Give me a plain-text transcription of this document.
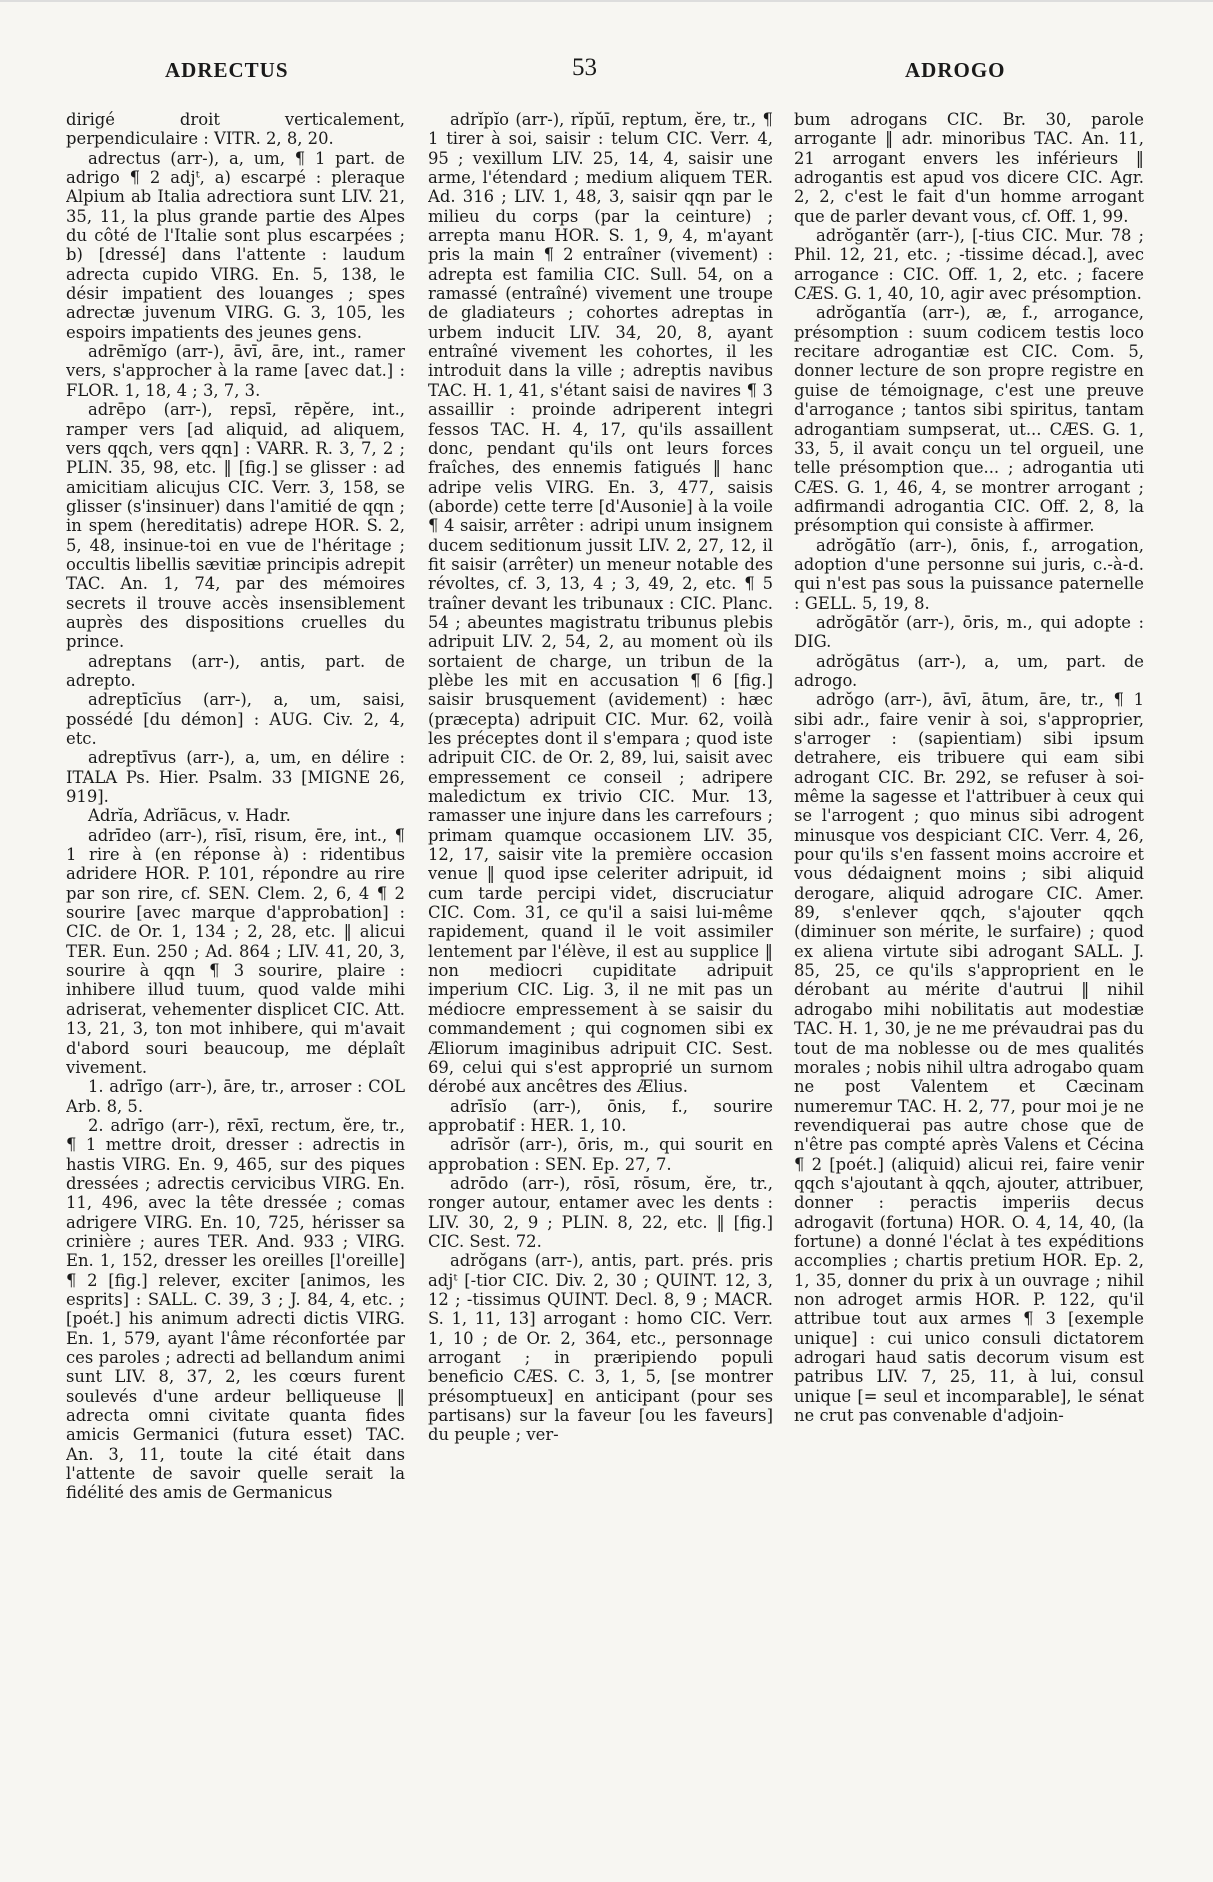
ADRECTUS	53	ADROGO

dirigé droit verticalement, perpendiculaire : VITR. 2, 8, 20.

adrectus (arr-), a, um, ¶ 1 part. de adrigo ¶ 2 adjᵗ, a) escarpé : pleraque Alpium ab Italia adrectiora sunt LIV. 21, 35, 11, la plus grande partie des Alpes du côté de l'Italie sont plus escarpées ; b) [dressé] dans l'attente : laudum adrecta cupido VIRG. En. 5, 138, le désir impatient des louanges ; spes adrectæ juvenum VIRG. G. 3, 105, les espoirs impatients des jeunes gens.

adrēmĭgo (arr-), āvī, āre, int., ramer vers, s'approcher à la rame [avec dat.] : FLOR. 1, 18, 4 ; 3, 7, 3.

adrēpo (arr-), repsī, rēpĕre, int., ramper vers [ad aliquid, ad aliquem, vers qqch, vers qqn] : VARR. R. 3, 7, 2 ; PLIN. 35, 98, etc. ‖ [fig.] se glisser : ad amicitiam alicujus CIC. Verr. 3, 158, se glisser (s'insinuer) dans l'amitié de qqn ; in spem (hereditatis) adrepe HOR. S. 2, 5, 48, insinue-toi en vue de l'héritage ; occultis libellis sævitiæ principis adrepit TAC. An. 1, 74, par des mémoires secrets il trouve accès insensiblement auprès des dispositions cruelles du prince.

adreptans (arr-), antis, part. de adrepto.

adreptīcĭus (arr-), a, um, saisi, possédé [du démon] : AUG. Civ. 2, 4, etc.

adreptīvus (arr-), a, um, en délire : ITALA Ps. Hier. Psalm. 33 [MIGNE 26, 919].

Adrĭa, Adrĭācus, v. Hadr.

adrīdeo (arr-), rīsī, risum, ēre, int., ¶ 1 rire à (en réponse à) : ridentibus adridere HOR. P. 101, répondre au rire par son rire, cf. SEN. Clem. 2, 6, 4 ¶ 2 sourire [avec marque d'approbation] : CIC. de Or. 1, 134 ; 2, 28, etc. ‖ alicui TER. Eun. 250 ; Ad. 864 ; LIV. 41, 20, 3, sourire à qqn ¶ 3 sourire, plaire : inhibere illud tuum, quod valde mihi adriserat, vehementer displicet CIC. Att. 13, 21, 3, ton mot inhibere, qui m'avait d'abord souri beaucoup, me déplaît vivement.

1. adrīgo (arr-), āre, tr., arroser : COL Arb. 8, 5.

2. adrīgo (arr-), rēxī, rectum, ĕre, tr., ¶ 1 mettre droit, dresser : adrectis in hastis VIRG. En. 9, 465, sur des piques dressées ; adrectis cervicibus VIRG. En. 11, 496, avec la tête dressée ; comas adrigere VIRG. En. 10, 725, hérisser sa crinière ; aures TER. And. 933 ; VIRG. En. 1, 152, dresser les oreilles [l'oreille] ¶ 2 [fig.] relever, exciter [animos, les esprits] : SALL. C. 39, 3 ; J. 84, 4, etc. ; [poét.] his animum adrecti dictis VIRG. En. 1, 579, ayant l'âme réconfortée par ces paroles ; adrecti ad bellandum animi sunt LIV. 8, 37, 2, les cœurs furent soulevés d'une ardeur belliqueuse ‖ adrecta omni civitate quanta fides amicis Germanici (futura esset) TAC. An. 3, 11, toute la cité était dans l'attente de savoir quelle serait la fidélité des amis de Germanicus

adrĭpĭo (arr-), rĭpŭī, reptum, ĕre, tr., ¶ 1 tirer à soi, saisir : telum CIC. Verr. 4, 95 ; vexillum LIV. 25, 14, 4, saisir une arme, l'étendard ; medium aliquem TER. Ad. 316 ; LIV. 1, 48, 3, saisir qqn par le milieu du corps (par la ceinture) ; arrepta manu HOR. S. 1, 9, 4, m'ayant pris la main ¶ 2 entraîner (vivement) : adrepta est familia CIC. Sull. 54, on a ramassé (entraîné) vivement une troupe de gladiateurs ; cohortes adreptas in urbem inducit LIV. 34, 20, 8, ayant entraîné vivement les cohortes, il les introduit dans la ville ; adreptis navibus TAC. H. 1, 41, s'étant saisi de navires ¶ 3 assaillir : proinde adriperent integri fessos TAC. H. 4, 17, qu'ils assaillent donc, pendant qu'ils ont leurs forces fraîches, des ennemis fatigués ‖ hanc adripe velis VIRG. En. 3, 477, saisis (aborde) cette terre [d'Ausonie] à la voile ¶ 4 saisir, arrêter : adripi unum insignem ducem seditionum jussit LIV. 2, 27, 12, il fit saisir (arrêter) un meneur notable des révoltes, cf. 3, 13, 4 ; 3, 49, 2, etc. ¶ 5 traîner devant les tribunaux : CIC. Planc. 54 ; abeuntes magistratu tribunus plebis adripuit LIV. 2, 54, 2, au moment où ils sortaient de charge, un tribun de la plèbe les mit en accusation ¶ 6 [fig.] saisir brusquement (avidement) : hæc (præcepta) adripuit CIC. Mur. 62, voilà les préceptes dont il s'empara ; quod iste adripuit CIC. de Or. 2, 89, lui, saisit avec empressement ce conseil ; adripere maledictum ex trivio CIC. Mur. 13, ramasser une injure dans les carrefours ; primam quamque occasionem LIV. 35, 12, 17, saisir vite la première occasion venue ‖ quod ipse celeriter adripuit, id cum tarde percipi videt, discruciatur CIC. Com. 31, ce qu'il a saisi lui-même rapidement, quand il le voit assimiler lentement par l'élève, il est au supplice ‖ non mediocri cupiditate adripuit imperium CIC. Lig. 3, il ne mit pas un médiocre empressement à se saisir du commandement ; qui cognomen sibi ex Æliorum imaginibus adripuit CIC. Sest. 69, celui qui s'est approprié un surnom dérobé aux ancêtres des Ælius.

adrīsĭo (arr-), ōnis, f., sourire approbatif : HER. 1, 10.

adrīsŏr (arr-), ōris, m., qui sourit en approbation : SEN. Ep. 27, 7.

adrōdo (arr-), rōsī, rōsum, ĕre, tr., ronger autour, entamer avec les dents : LIV. 30, 2, 9 ; PLIN. 8, 22, etc. ‖ [fig.] CIC. Sest. 72.

adrŏgans (arr-), antis, part. prés. pris adjᵗ [-tior CIC. Div. 2, 30 ; QUINT. 12, 3, 12 ; -tissimus QUINT. Decl. 8, 9 ; MACR. S. 1, 11, 13] arrogant : homo CIC. Verr. 1, 10 ; de Or. 2, 364, etc., personnage arrogant ; in præripiendo populi beneficio CÆS. C. 3, 1, 5, [se montrer présomptueux] en anticipant (pour ses partisans) sur la faveur [ou les faveurs] du peuple ; ver-

bum adrogans CIC. Br. 30, parole arrogante ‖ adr. minoribus TAC. An. 11, 21 arrogant envers les inférieurs ‖ adrogantis est apud vos dicere CIC. Agr. 2, 2, c'est le fait d'un homme arrogant que de parler devant vous, cf. Off. 1, 99.

adrŏgantĕr (arr-), [-tius CIC. Mur. 78 ; Phil. 12, 21, etc. ; -tissime décad.], avec arrogance : CIC. Off. 1, 2, etc. ; facere CÆS. G. 1, 40, 10, agir avec présomption.

adrŏgantĭa (arr-), æ, f., arrogance, présomption : suum codicem testis loco recitare adrogantiæ est CIC. Com. 5, donner lecture de son propre registre en guise de témoignage, c'est une preuve d'arrogance ; tantos sibi spiritus, tantam adrogantiam sumpserat, ut... CÆS. G. 1, 33, 5, il avait conçu un tel orgueil, une telle présomption que... ; adrogantia uti CÆS. G. 1, 46, 4, se montrer arrogant ; adfirmandi adrogantia CIC. Off. 2, 8, la présomption qui consiste à affirmer.

adrŏgātĭo (arr-), ōnis, f., arrogation, adoption d'une personne sui juris, c.-à-d. qui n'est pas sous la puissance paternelle : GELL. 5, 19, 8.

adrŏgātŏr (arr-), ōris, m., qui adopte : DIG.

adrŏgātus (arr-), a, um, part. de adrogo.

adrŏgo (arr-), āvī, ātum, āre, tr., ¶ 1 sibi adr., faire venir à soi, s'approprier, s'arroger : (sapientiam) sibi ipsum detrahere, eis tribuere qui eam sibi adrogant CIC. Br. 292, se refuser à soi-même la sagesse et l'attribuer à ceux qui se l'arrogent ; quo minus sibi adrogent minusque vos despiciant CIC. Verr. 4, 26, pour qu'ils s'en fassent moins accroire et vous dédaignent moins ; sibi aliquid derogare, aliquid adrogare CIC. Amer. 89, s'enlever qqch, s'ajouter qqch (diminuer son mérite, le surfaire) ; quod ex aliena virtute sibi adrogant SALL. J. 85, 25, ce qu'ils s'approprient en le dérobant au mérite d'autrui ‖ nihil adrogabo mihi nobilitatis aut modestiæ TAC. H. 1, 30, je ne me prévaudrai pas du tout de ma noblesse ou de mes qualités morales ; nobis nihil ultra adrogabo quam ne post Valentem et Cæcinam numeremur TAC. H. 2, 77, pour moi je ne revendiquerai pas autre chose que de n'être pas compté après Valens et Cécina ¶ 2 [poét.] (aliquid) alicui rei, faire venir qqch s'ajoutant à qqch, ajouter, attribuer, donner : peractis imperiis decus adrogavit (fortuna) HOR. O. 4, 14, 40, (la fortune) a donné l'éclat à tes expéditions accomplies ; chartis pretium HOR. Ep. 2, 1, 35, donner du prix à un ouvrage ; nihil non adroget armis HOR. P. 122, qu'il attribue tout aux armes ¶ 3 [exemple unique] : cui unico consuli dictatorem adrogari haud satis decorum visum est patribus LIV. 7, 25, 11, à lui, consul unique [= seul et incomparable], le sénat ne crut pas convenable d'adjoin-
